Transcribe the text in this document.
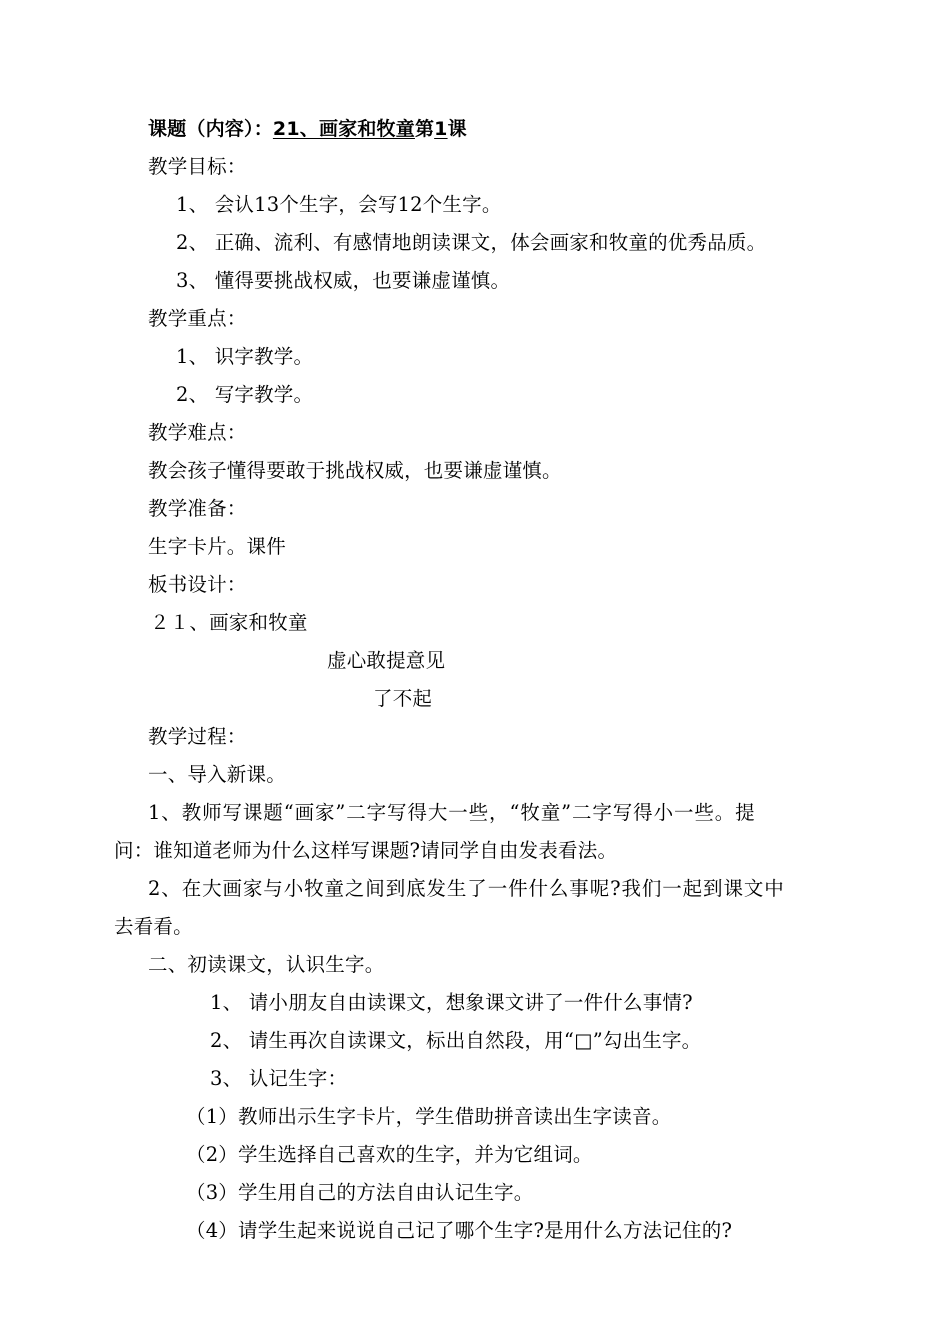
课题（内容）：21、画家和牧童第1课
教学目标：
1、 会认13个生字，会写12个生字。
2、 正确、流利、有感情地朗读课文，体会画家和牧童的优秀品质。
3、 懂得要挑战权威，也要谦虚谨慎。
教学重点：
1、 识字教学。
2、 写字教学。
教学难点：
教会孩子懂得要敢于挑战权威，也要谦虚谨慎。
教学准备：
生字卡片。课件
板书设计：
２１、画家和牧童
虚心敢提意见
了不起
教学过程：
一、导入新课。
1、教师写课题“画家”二字写得大一些，“牧童”二字写得小一些。提
问：谁知道老师为什么这样写课题?请同学自由发表看法。
2、在大画家与小牧童之间到底发生了一件什么事呢?我们一起到课文中
去看看。
二、初读课文，认识生字。
1、 请小朋友自由读课文，想象课文讲了一件什么事情?
2、 请生再次自读课文，标出自然段，用“□”勾出生字。
3、 认记生字：
（1）教师出示生字卡片，学生借助拼音读出生字读音。
（2）学生选择自己喜欢的生字，并为它组词。
（3）学生用自己的方法自由认记生字。
（4）请学生起来说说自己记了哪个生字?是用什么方法记住的?
